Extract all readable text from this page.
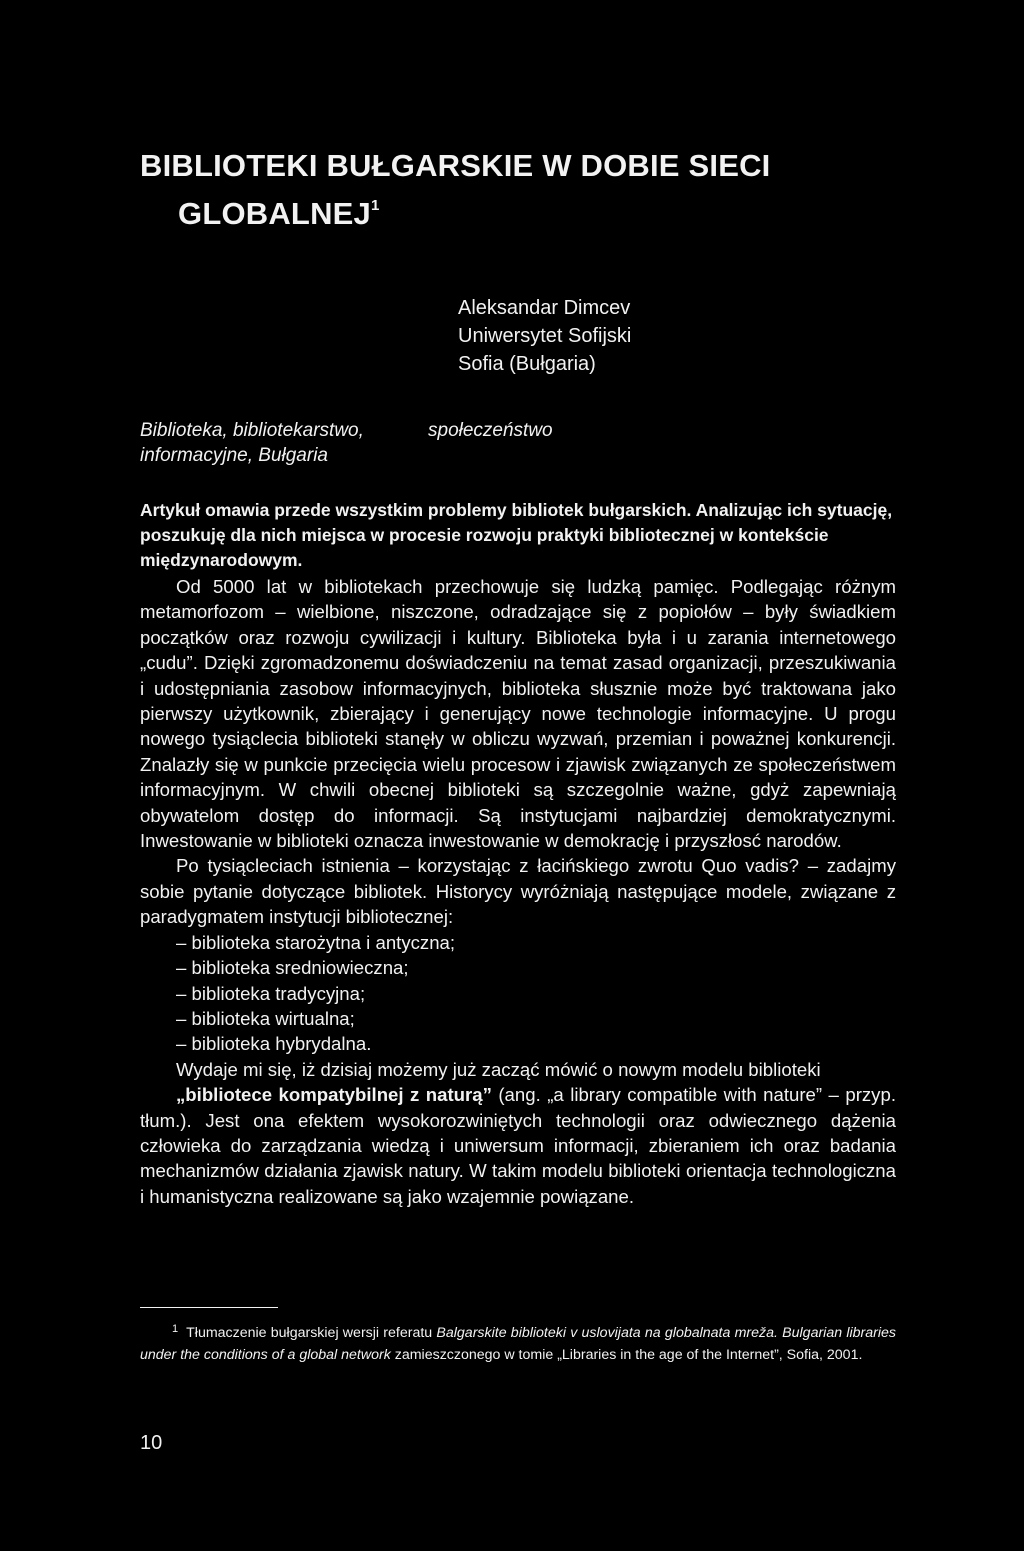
BIBLIOTEKI BUŁGARSKIE W DOBIE SIECI
GLOBALNEJ$^1$
Aleksandar Dimcev
Uniwersytet Sofijski
Sofia (Bułgaria)

Biblioteka, bibliotekarstwo,	społeczeństwo
informacyjne, Bułgaria

Artykuł omawia przede wszystkim problemy bibliotek bułgarskich. Analizując ich sytuację, poszukuję dla nich miejsca w procesie rozwoju praktyki bibliotecznej w kontekście międzynarodowym.

Od 5000 lat w bibliotekach przechowuje się ludzką pamięc. Podlegając różnym metamorfozom – wielbione, niszczone, odradzające się z popiołów – były świadkiem początków oraz rozwoju cywilizacji i kultury. Biblioteka była i u zarania internetowego „cudu”. Dzięki zgromadzonemu doświadczeniu na temat zasad organizacji, przeszukiwania i udostępniania zasobow informacyjnych, biblioteka słusznie może być traktowana jako pierwszy użytkownik, zbierający i generujący nowe technologie informacyjne. U progu nowego tysiąclecia biblioteki stanęły w obliczu wyzwań, przemian i poważnej konkurencji. Znalazły się w punkcie przecięcia wielu procesow i zjawisk związanych ze społeczeństwem informacyjnym. W chwili obecnej biblioteki są szczegolnie ważne, gdyż zapewniają obywatelom dostęp do informacji. Są instytucjami najbardziej demokratycznymi. Inwestowanie w biblioteki oznacza inwestowanie w demokrację i przyszłosć narodów.

Po tysiącleciach istnienia – korzystając z łacińskiego zwrotu Quo vadis? – zadajmy sobie pytanie dotyczące bibliotek. Historycy wyróżniają następujące modele, związane z paradygmatem instytucji bibliotecznej:

– biblioteka starożytna i antyczna;
– biblioteka sredniowieczna;
– biblioteka tradycyjna;
– biblioteka wirtualna;
– biblioteka hybrydalna.

Wydaje mi się, iż dzisiaj możemy już zacząć mówić o nowym modelu biblioteki

„bibliotece kompatybilnej z naturą” (ang. „a library compatible with nature” – przyp. tłum.). Jest ona efektem wysokorozwiniętych technologii oraz odwiecznego dążenia człowieka do zarządzania wiedzą i uniwersum informacji, zbieraniem ich oraz badania mechanizmów działania zjawisk natury. W takim modelu biblioteki orientacja technologiczna i humanistyczna realizowane są jako wzajemnie powiązane.

$^1$ Tłumaczenie bułgarskiej wersji referatu Balgarskite biblioteki v uslovijata na globalnata mreža. Bulgarian libraries under the conditions of a global network zamieszczonego w tomie „Libraries in the age of the Internet”, Sofia, 2001.

10
